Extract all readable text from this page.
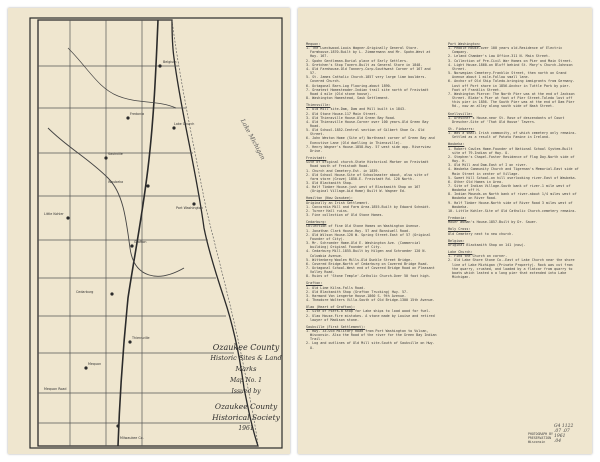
Belgium
Port Washington
Fredonia
Saukville
Grafton
Cedarburg
Thiensville
Mequon
Waubeka
Little Kohler
Lake Church
Mequon Road
Milwaukee Co.
Lake Michigan
Ozaukee County
Historic Sites & Land Marks
Map No. 1
Issued by
Ozaukee County Historical Society
1961
Mequon:
1. The Lueckwood-Louis Wagner-Originally General Store. Farmhouse-1870-Built by L. Zimmermann and Mr. Spohn-West at Hwy. 167.
2. Spohn Gentleman-Burial place of Early Settlers.
3. Gretchen's Stop Tavern-Built as General Store in 1848.
4. Old Farmhouse-Old Tannery-Corp-Southwest Corner of 167 and 57.
5. St. James Catholic Church-1857 very large lime boulders-Covered Church.
6. Octagonal Barn-Log Flooring-about 1890.
7. Greatest Homesteader-Indian trail site north of Freistadt Road 4 mile (Old stone house).
8. Washington Homestead, Sauk Settlement.
Thiensville:
1. Old Mill site-Dam, Dam and Mill built in 1843.
2. Old Stone House-117 Main Street.
3. Old Thiensville House-Old Green Bay Road.
4. Old Thiensville House-Corner over 100 years-Old Green Bay Road.
5. Old School-1852-Central section of Gilbert Shoe Co. Old Street.
6. John Weston Home (Site of) Northeast corner of Green Bay and Executive Lane (Old dwelling in Thiensville).
7. Henry Wagner's House-1858-Hwy. 57 west side app. Riverview Drive.
Freistadt:
Site of original church-State Historical Marker on Freistadt Road south of Freistadt Road.
1. Church and Cemetery-Est. in 1839.
2. Old School House-Site of Schoolmaster about, also site of farm store (Grove) 1850-E. Freistadt Rd. 120 North.
3. Old Blacksmith Shop.
4. Half Timber House-just west of Blacksmith Shop on 167 (Original Village-Aid Home) Built W. Wagner Ed.
Hamilton (Now Ozaukee):
Originally an Irish Settlement.
1. Concordia Mill and Farm Area-1855-Built by Edward Schmidt.
2. Turner Hall ruins.
3. Fine collection of Old Stone Homes.
Cedarburg:
Collection of Fine Old Stone Homes on Washington Avenue.
1. Jonathan Clark House-Hwy. 57 and Bonniwell Road.
2. Old Wilson House-120 W. Spring Street-East of 57 (Original Founder of City).
3. Mr. Schroeder Home-Old E. Washington Ave. (Commercial building) Original Founder of City.
4. Cedarburg Mill-1855-Built by Hilgen and Schroeder 120 N. Columbia Avenue.
5. Wittenberg Woolen Mills-Old Dunkle Street Bridge.
6. Covered Bridge-North of Cedarburg on Covered Bridge Road.
7. Octagonal School-West end of Covered Bridge Road on Pleasant Valley Road.
8. Ruins of 'Stone Temple'-Catholic Church-Over 50 foot high.
Grafton:
1. Old Lime Kilns-Falls Road.
2. Old Blacksmith Shop (Grafton Trucking) Hwy. 57.
3. Harmond Von Lengerke House-1860 S. 9th Avenue.
4. Theodore Wolters Villa-South of Old Bridge-1300 15th Avenue.
Ulao (Heart of Grafton):
1. Site of Piers-a stop for Lake ships to load wood for fuel.
2. Ulao House-Fire mistakes. A stone made by Louise and retired lawyer of Madison stone.
Saukville (First Settlement):
1. Hwy. 33-Old Military Road from Port Washington to Vulcan, Wisconsin. Also the Road of the river for the Green Bay Indian Trail.
2. Log and outlines of Old Mill site-South of Saukville on Hwy. O.
Port Washington:
1. Pebble House-over 100 years old-Residence of Electric Company.
2. Leland Chamber's Law Office-311 N. Main Street.
3. Collection of Pre-Civil War Homes on Pier and Main Street.
4. Light House-1860-on Bluff behind St. Mary's Church-Johnson Street.
5. Norwegian Cemetery-Franklin Street, then north on Grand Avenue about 1 mile-Follow small lane.
6. Anchor of Old Ship Toledo-bringing immigrants from Germany-Lost off Port shore in 1856-Anchor in Tuttle Park by pier. Foot of Franklin Street.
7. Washington Pierce: The North Pier was at the end of Jackson Street. Blake's Pier at foot of Pier Street-Toledo lost off this pier in 1856. The South Pier was at the end of Dam Pier Rd., now an alley along south side of Nash Street.
Knellsville:
1. Drescher's House-near St. Rose of descendants of Count Drescher-Site of 'That Old House' Tavern.
St. Finbarrs:
1. Was a small Irish community, of which cemetery only remains-Settled as a result of Potato Famine in Ireland.
Waubeka:
1. Robert Cowles Home-Founder of National School System-Built site of 79-Indian of Hwy. O.
2. Stephen's Chapel-Foster Residence of Flag Day-North side of Hwy. H.
3. Old Mill and Dam-East of I on river.
4. Waubeka Community Church and Tigerman's Memorial-East side of Main Street in center of Village.
5. Sweet Hill School-on hill overlooking river-East of Waubeka.
6. Other Old Homes in Area.
7. Site of Indian Village-South bank of river-1 mile west of Waubeka off H.
8. Indian Mounds-on North bank of river-about 1/4 miles west of Waubeka on River Road.
9. Half Timber House-North side of River Road 3 miles west of Waubeka.
10. Little Kohler-Site of Old Catholic Church-cemetery remains.
Fredonia:
Mauer Woman's House-1857-Built by Dr. Sauer.
Holy Cross:
Old Cemetery next to new church.
Belgium:
Original Blacksmith Shop on 141 (now).
Lake Church:
1. Find the Church on corner.
2. Old Lake Shore Stone Co.-East of Lake Church near the shore line of Lake Michigan (Private Property). Rock was cut from the quarry, crushed, and loaded by a flatcar from quarry to boats which lasted a a long pier that extended into Lake Michigan.
PHOTOGRAPH BY
PRESERVATION
Wisconsin
G4 1122
.07 .07
1961
.04
